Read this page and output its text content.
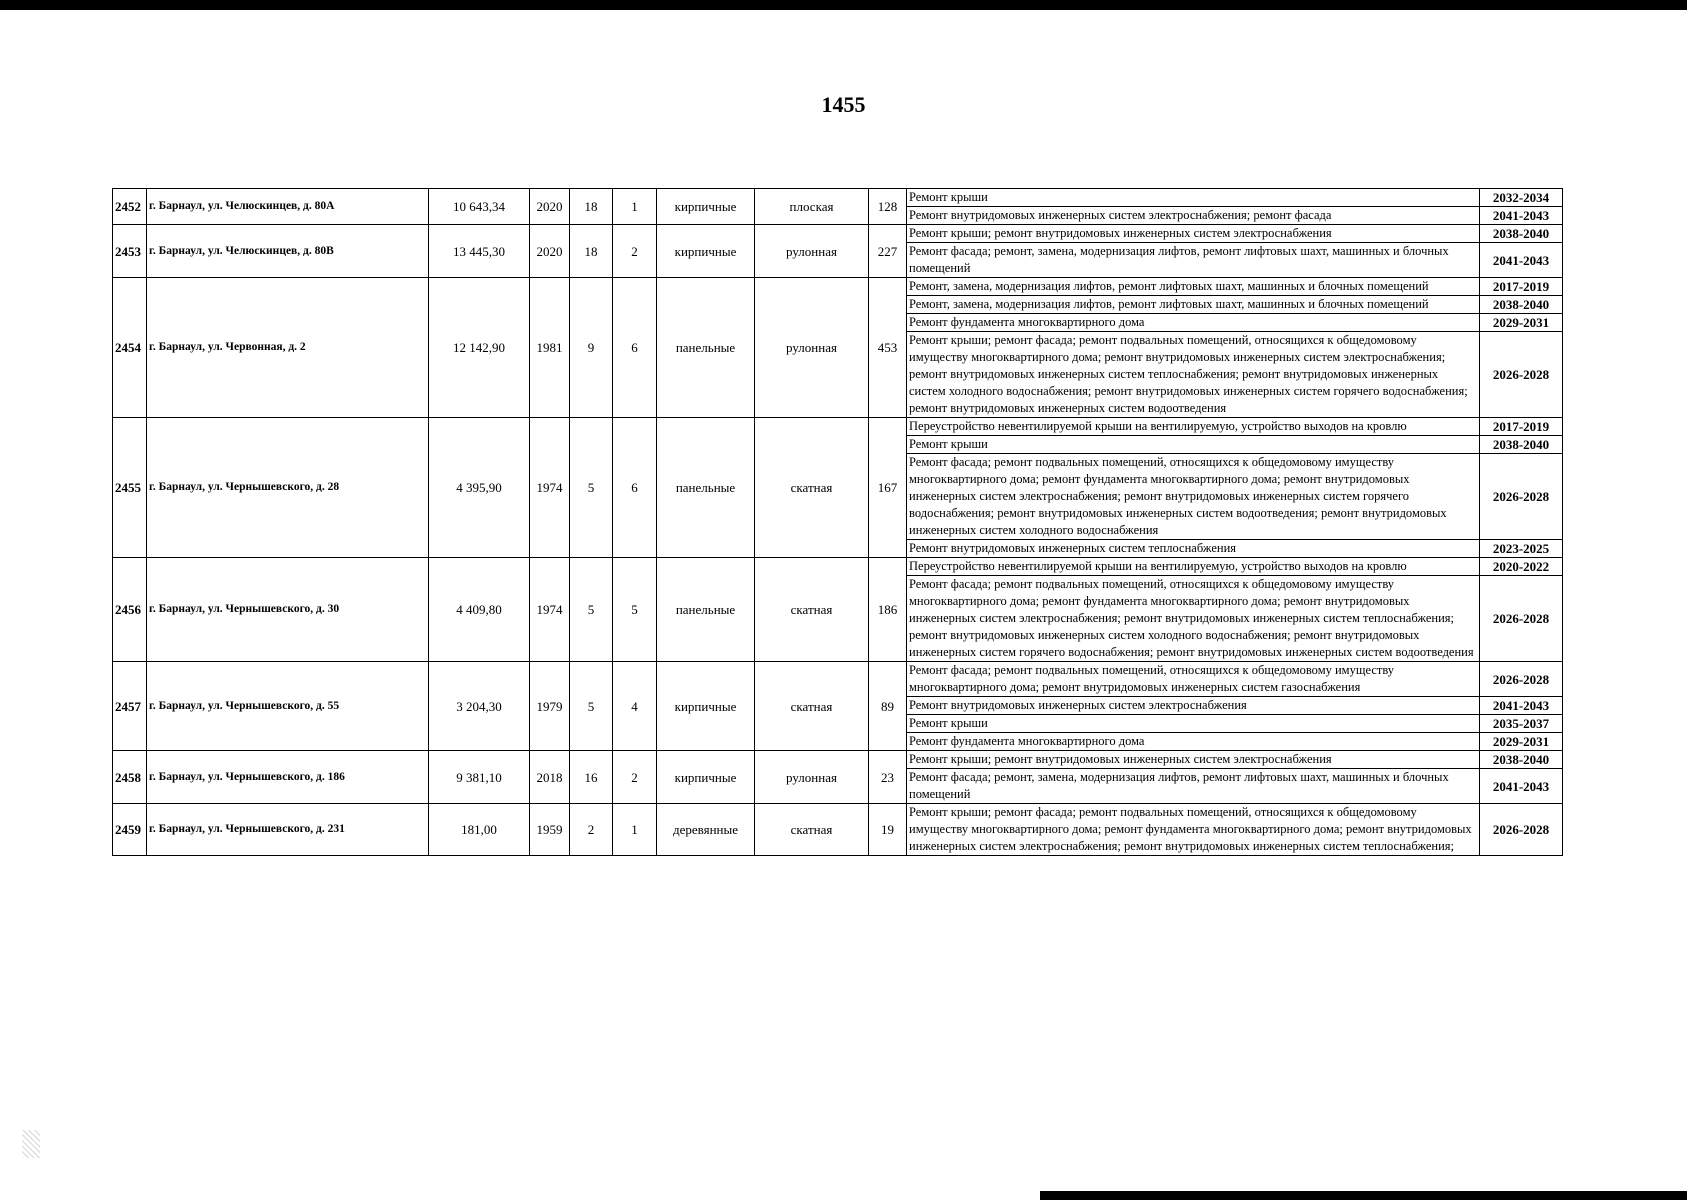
1455
2452	г. Барнаул, ул. Челюскинцев, д. 80А	10 643,34	2020	18	1	кирпичные	плоская	128	Ремонт крыши	2032-2034
									Ремонт внутридомовых инженерных систем электроснабжения; ремонт фасада	2041-2043
2453	г. Барнаул, ул. Челюскинцев, д. 80В	13 445,30	2020	18	2	кирпичные	рулонная	227	Ремонт крыши; ремонт внутридомовых инженерных систем электроснабжения	2038-2040
									Ремонт фасада; ремонт, замена, модернизация лифтов, ремонт лифтовых шахт, машинных и блочных помещений	2041-2043
2454	г. Барнаул, ул. Червонная, д. 2	12 142,90	1981	9	6	панельные	рулонная	453	Ремонт, замена, модернизация лифтов, ремонт лифтовых шахт, машинных и блочных помещений	2017-2019
									Ремонт, замена, модернизация лифтов, ремонт лифтовых шахт, машинных и блочных помещений	2038-2040
									Ремонт фундамента многоквартирного дома	2029-2031
									Ремонт крыши; ремонт фасада; ремонт подвальных помещений, относящихся к общедомовому имуществу многоквартирного дома; ремонт внутридомовых инженерных систем электроснабжения; ремонт внутридомовых инженерных систем теплоснабжения; ремонт внутридомовых инженерных систем холодного водоснабжения; ремонт внутридомовых инженерных систем горячего водоснабжения; ремонт внутридомовых инженерных систем водоотведения	2026-2028
2455	г. Барнаул, ул. Чернышевского, д. 28	4 395,90	1974	5	6	панельные	скатная	167	Переустройство невентилируемой крыши на вентилируемую, устройство выходов на кровлю	2017-2019
									Ремонт крыши	2038-2040
									Ремонт фасада; ремонт подвальных помещений, относящихся к общедомовому имуществу многоквартирного дома; ремонт фундамента многоквартирного дома; ремонт внутридомовых инженерных систем электроснабжения; ремонт внутридомовых инженерных систем горячего водоснабжения; ремонт внутридомовых инженерных систем водоотведения; ремонт внутридомовых инженерных систем холодного водоснабжения	2026-2028
									Ремонт внутридомовых инженерных систем теплоснабжения	2023-2025
2456	г. Барнаул, ул. Чернышевского, д. 30	4 409,80	1974	5	5	панельные	скатная	186	Переустройство невентилируемой крыши на вентилируемую, устройство выходов на кровлю	2020-2022
									Ремонт фасада; ремонт подвальных помещений, относящихся к общедомовому имуществу многоквартирного дома; ремонт фундамента многоквартирного дома; ремонт внутридомовых инженерных систем электроснабжения; ремонт внутридомовых инженерных систем теплоснабжения; ремонт внутридомовых инженерных систем холодного водоснабжения; ремонт внутридомовых инженерных систем горячего водоснабжения; ремонт внутридомовых инженерных систем водоотведения	2026-2028
2457	г. Барнаул, ул. Чернышевского, д. 55	3 204,30	1979	5	4	кирпичные	скатная	89	Ремонт фасада; ремонт подвальных помещений, относящихся к общедомовому имуществу многоквартирного дома; ремонт внутридомовых инженерных систем газоснабжения	2026-2028
									Ремонт внутридомовых инженерных систем электроснабжения	2041-2043
									Ремонт крыши	2035-2037
									Ремонт фундамента многоквартирного дома	2029-2031
2458	г. Барнаул, ул. Чернышевского, д. 186	9 381,10	2018	16	2	кирпичные	рулонная	23	Ремонт крыши; ремонт внутридомовых инженерных систем электроснабжения	2038-2040
									Ремонт фасада; ремонт, замена, модернизация лифтов, ремонт лифтовых шахт, машинных и блочных помещений	2041-2043
2459	г. Барнаул, ул. Чернышевского, д. 231	181,00	1959	2	1	деревянные	скатная	19	Ремонт крыши; ремонт фасада; ремонт подвальных помещений, относящихся к общедомовому имуществу многоквартирного дома; ремонт фундамента многоквартирного дома; ремонт внутридомовых инженерных систем электроснабжения; ремонт внутридомовых инженерных систем теплоснабжения;	2026-2028
